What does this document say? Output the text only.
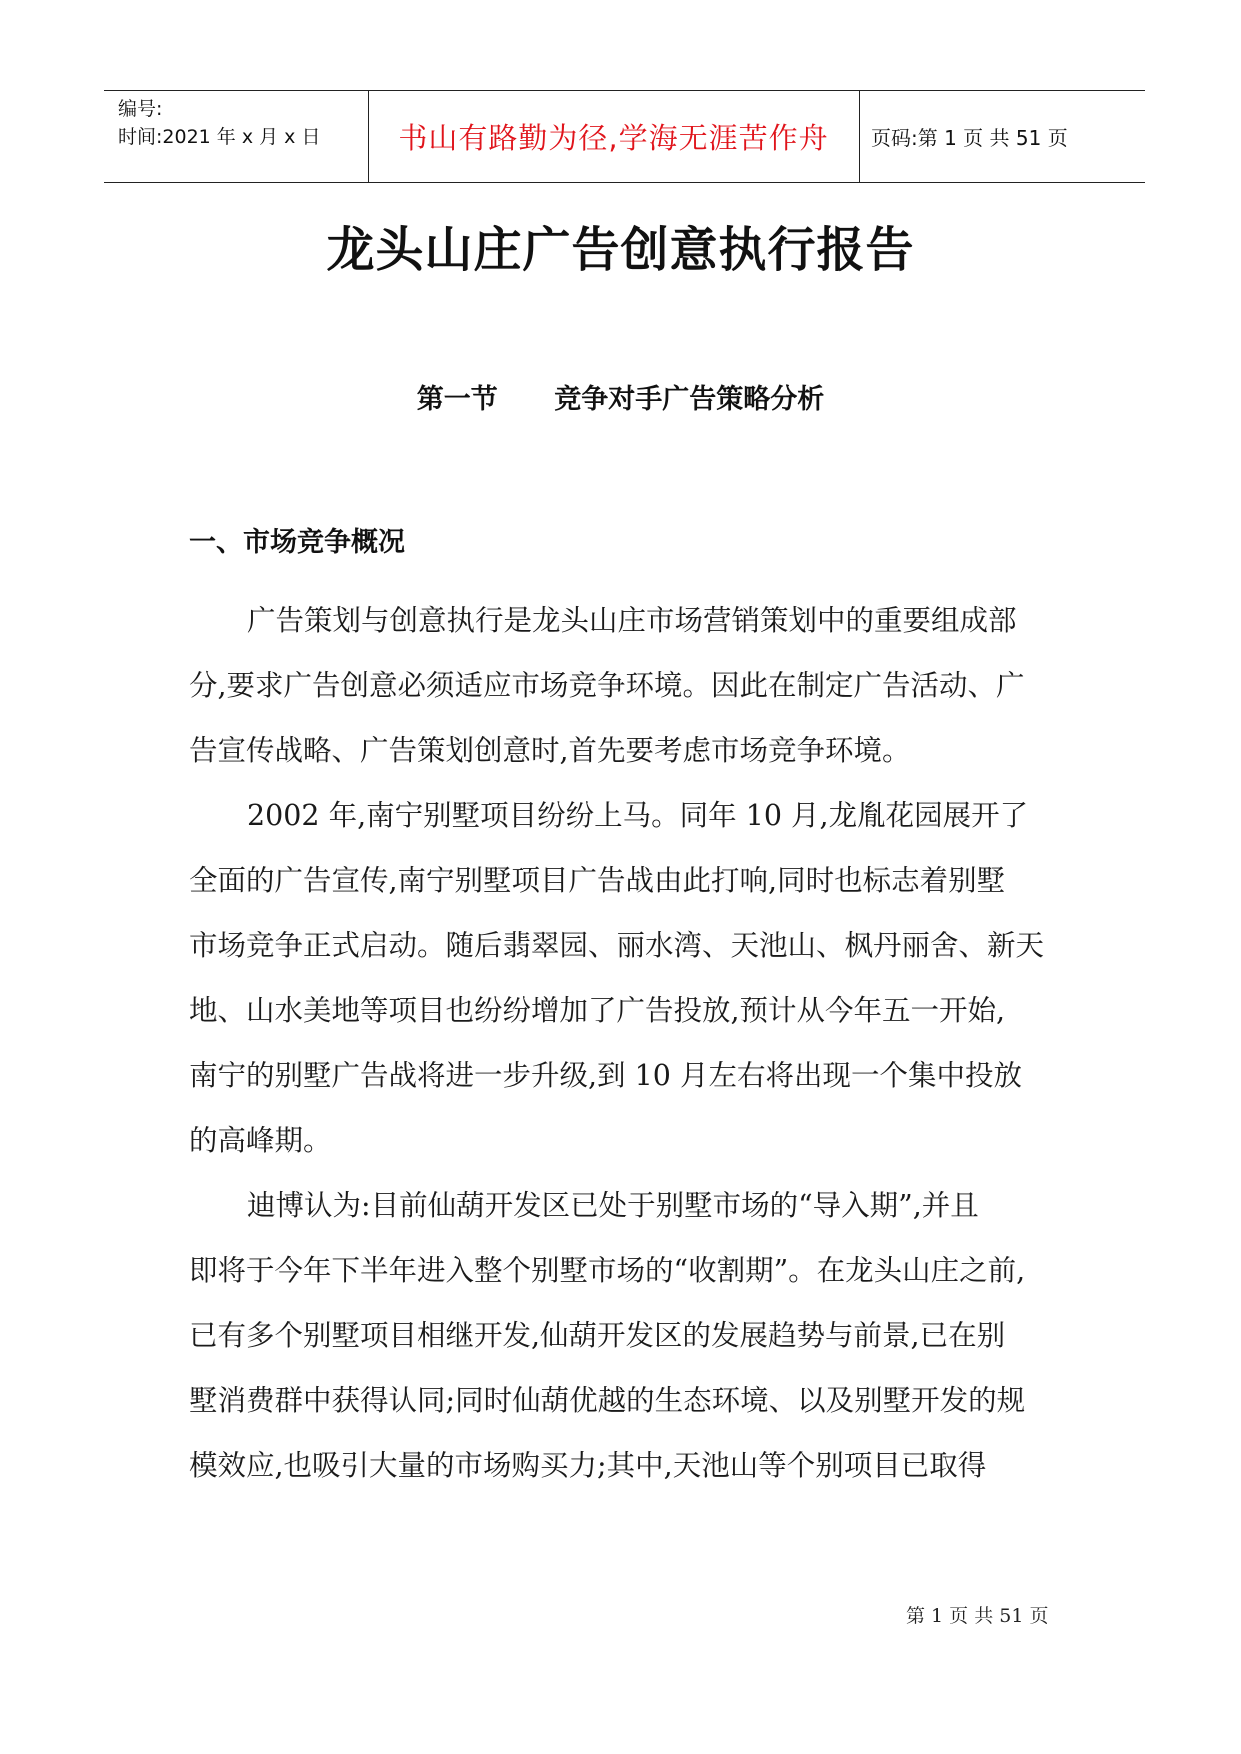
编号:
时间:2021 年 x 月 x 日	书山有路勤为径,学海无涯苦作舟	页码:第 1 页 共 51 页
龙头山庄广告创意执行报告
第一节      竞争对手广告策略分析
一、市场竞争概况
广告策划与创意执行是龙头山庄市场营销策划中的重要组成部
分,要求广告创意必须适应市场竞争环境。因此在制定广告活动、广
告宣传战略、广告策划创意时,首先要考虑市场竞争环境。
2002 年,南宁别墅项目纷纷上马。同年 10 月,龙胤花园展开了
全面的广告宣传,南宁别墅项目广告战由此打响,同时也标志着别墅
市场竞争正式启动。随后翡翠园、丽水湾、天池山、枫丹丽舍、新天
地、山水美地等项目也纷纷增加了广告投放,预计从今年五一开始,
南宁的别墅广告战将进一步升级,到 10 月左右将出现一个集中投放
的高峰期。
迪博认为:目前仙葫开发区已处于别墅市场的“导入期”,并且
即将于今年下半年进入整个别墅市场的“收割期”。在龙头山庄之前,
已有多个别墅项目相继开发,仙葫开发区的发展趋势与前景,已在别
墅消费群中获得认同;同时仙葫优越的生态环境、以及别墅开发的规
模效应,也吸引大量的市场购买力;其中,天池山等个别项目已取得
第 1 页 共 51 页
